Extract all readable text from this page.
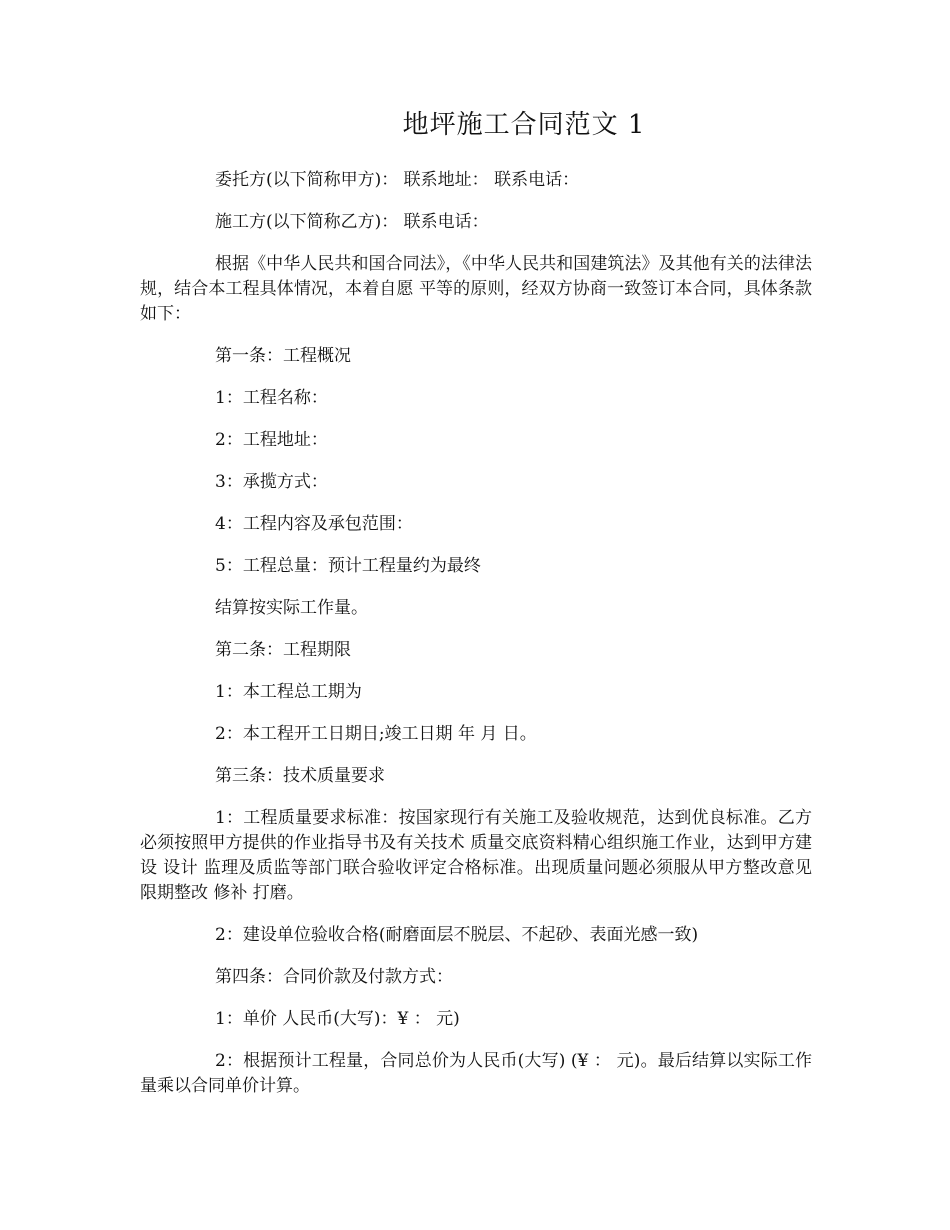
地坪施工合同范文 1

委托方(以下简称甲方)： 联系地址： 联系电话：

施工方(以下简称乙方)： 联系电话：

根据《中华人民共和国合同法》，《中华人民共和国建筑法》及其他有关的法律法规，结合本工程具体情况，本着自愿 平等的原则，经双方协商一致签订本合同，具体条款如下：

第一条：工程概况

1：工程名称：

2：工程地址：

3：承揽方式：

4：工程内容及承包范围：

5：工程总量：预计工程量约为最终

结算按实际工作量。

第二条：工程期限

1：本工程总工期为

2：本工程开工日期日;竣工日期 年 月 日。

第三条：技术质量要求

1：工程质量要求标准：按国家现行有关施工及验收规范，达到优良标准。乙方必须按照甲方提供的作业指导书及有关技术 质量交底资料精心组织施工作业，达到甲方建设 设计 监理及质监等部门联合验收评定合格标准。出现质量问题必须服从甲方整改意见限期整改 修补 打磨。

2：建设单位验收合格(耐磨面层不脱层、不起砂、表面光感一致)

第四条：合同价款及付款方式：

1：单价 人民币(大写)：¥ ： 元)

2：根据预计工程量，合同总价为人民币(大写) (¥ ： 元)。最后结算以实际工作量乘以合同单价计算。
